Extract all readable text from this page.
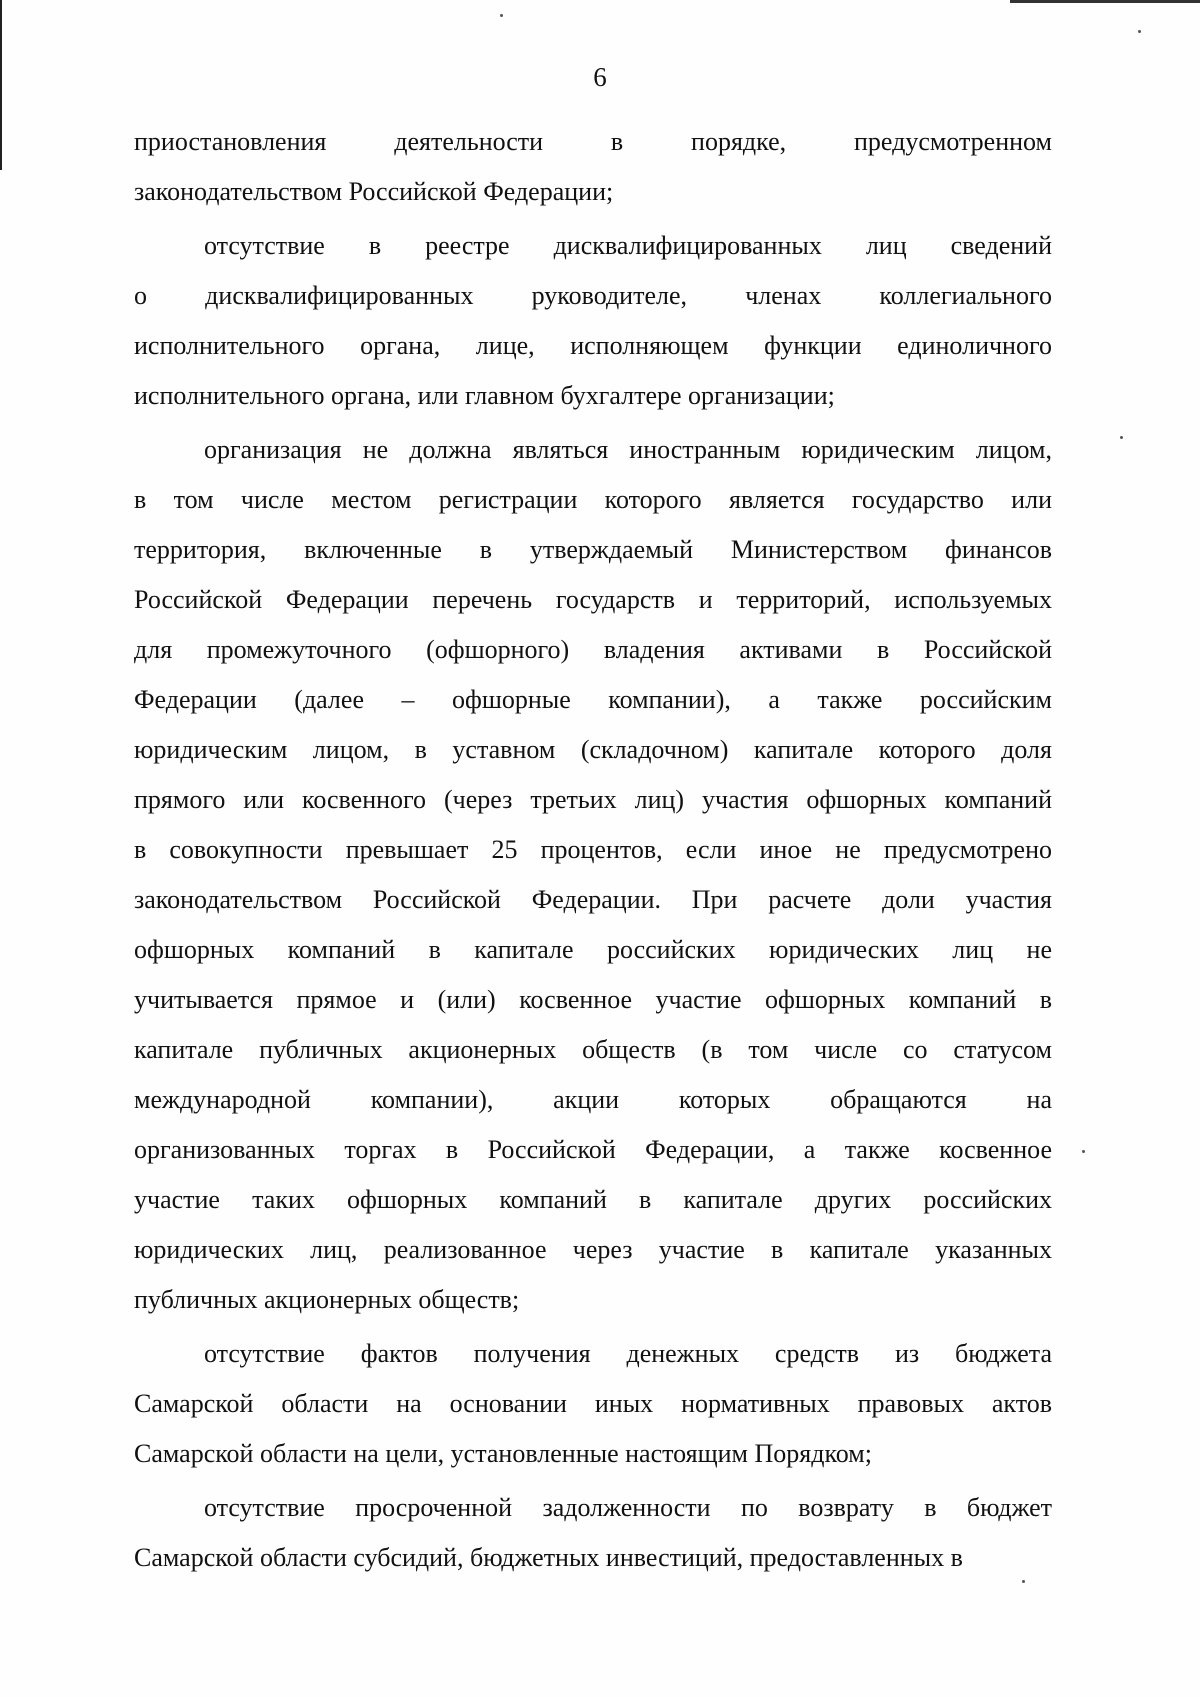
6
приостановления деятельности в порядке, предусмотренном
законодательством Российской Федерации;
отсутствие в реестре дисквалифицированных лиц сведений
о дисквалифицированных руководителе, членах коллегиального
исполнительного органа, лице, исполняющем функции единоличного
исполнительного органа, или главном бухгалтере организации;
организация не должна являться иностранным юридическим лицом,
в том числе местом регистрации которого является государство или
территория, включенные в утверждаемый Министерством финансов
Российской Федерации перечень государств и территорий, используемых
для промежуточного (офшорного) владения активами в Российской
Федерации (далее – офшорные компании), а также российским
юридическим лицом, в уставном (складочном) капитале которого доля
прямого или косвенного (через третьих лиц) участия офшорных компаний
в совокупности превышает 25 процентов, если иное не предусмотрено
законодательством Российской Федерации. При расчете доли участия
офшорных компаний в капитале российских юридических лиц не
учитывается прямое и (или) косвенное участие офшорных компаний в
капитале публичных акционерных обществ (в том числе со статусом
международной компании), акции которых обращаются на
организованных торгах в Российской Федерации, а также косвенное
участие таких офшорных компаний в капитале других российских
юридических лиц, реализованное через участие в капитале указанных
публичных акционерных обществ;
отсутствие фактов получения денежных средств из бюджета
Самарской области на основании иных нормативных правовых актов
Самарской области на цели, установленные настоящим Порядком;
отсутствие просроченной задолженности по возврату в бюджет
Самарской области субсидий, бюджетных инвестиций, предоставленных в
